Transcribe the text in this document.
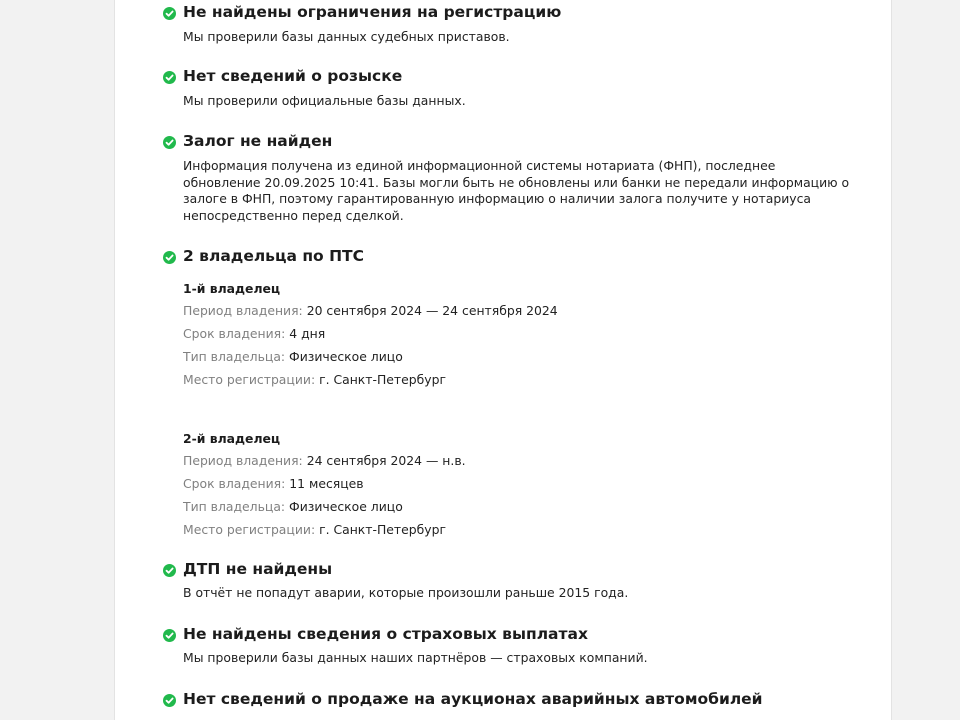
Не найдены ограничения на регистрацию
Мы проверили базы данных судебных приставов.
Нет сведений о розыске
Мы проверили официальные базы данных.
Залог не найден
Информация получена из единой информационной системы нотариата (ФНП), последнее
обновление 20.09.2025 10:41. Базы могли быть не обновлены или банки не передали информацию о
залоге в ФНП, поэтому гарантированную информацию о наличии залога получите у нотариуса
непосредственно перед сделкой.
2 владельца по ПТС
1-й владелец
Период владения: 20 сентября 2024 — 24 сентября 2024
Срок владения: 4 дня
Тип владельца: Физическое лицо
Место регистрации: г. Санкт-Петербург
2-й владелец
Период владения: 24 сентября 2024 — н.в.
Срок владения: 11 месяцев
Тип владельца: Физическое лицо
Место регистрации: г. Санкт-Петербург
ДТП не найдены
В отчёт не попадут аварии, которые произошли раньше 2015 года.
Не найдены сведения о страховых выплатах
Мы проверили базы данных наших партнёров — страховых компаний.
Нет сведений о продаже на аукционах аварийных автомобилей
